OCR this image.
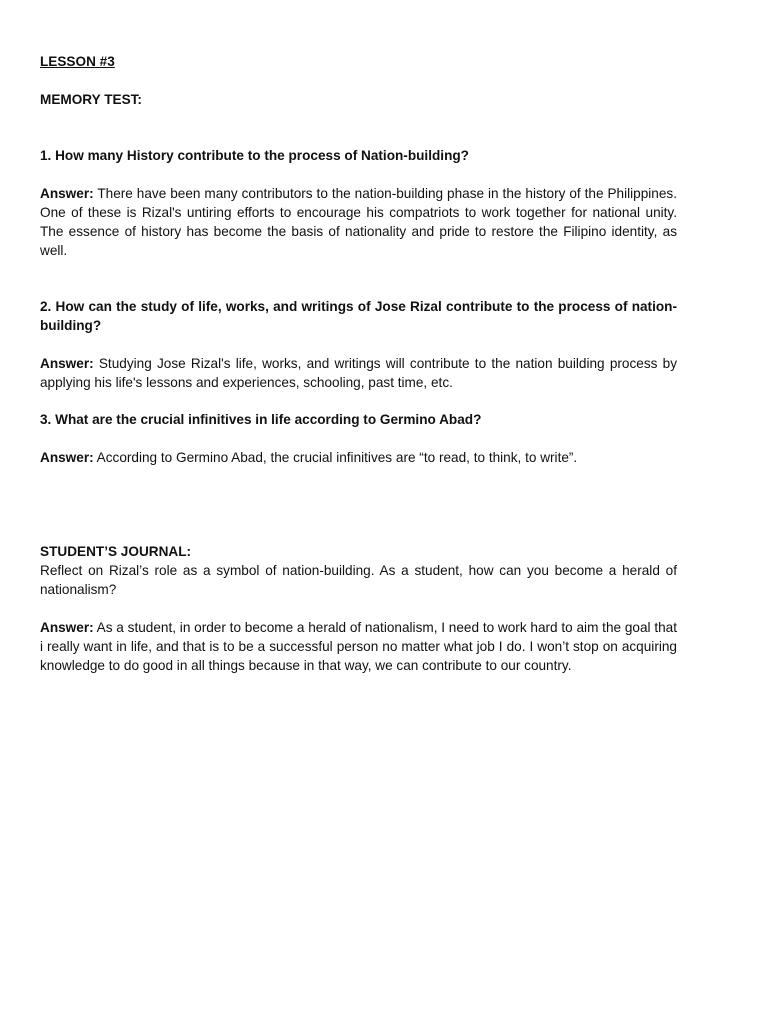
LESSON #3

MEMORY TEST:

1. How many History contribute to the process of Nation-building?

Answer: There have been many contributors to the nation-building phase in the history of the Philippines. One of these is Rizal's untiring efforts to encourage his compatriots to work together for national unity. The essence of history has become the basis of nationality and pride to restore the Filipino identity, as well.

2. How can the study of life, works, and writings of Jose Rizal contribute to the process of nation-building?

Answer: Studying Jose Rizal's life, works, and writings will contribute to the nation building process by applying his life's lessons and experiences, schooling, past time, etc.

3. What are the crucial infinitives in life according to Germino Abad?

Answer: According to Germino Abad, the crucial infinitives are “to read, to think, to write”.

STUDENT’S JOURNAL:

Reflect on Rizal’s role as a symbol of nation-building. As a student, how can you become a herald of nationalism?

Answer: As a student, in order to become a herald of nationalism, I need to work hard to aim the goal that i really want in life, and that is to be a successful person no matter what job I do. I won’t stop on acquiring knowledge to do good in all things because in that way, we can contribute to our country.
